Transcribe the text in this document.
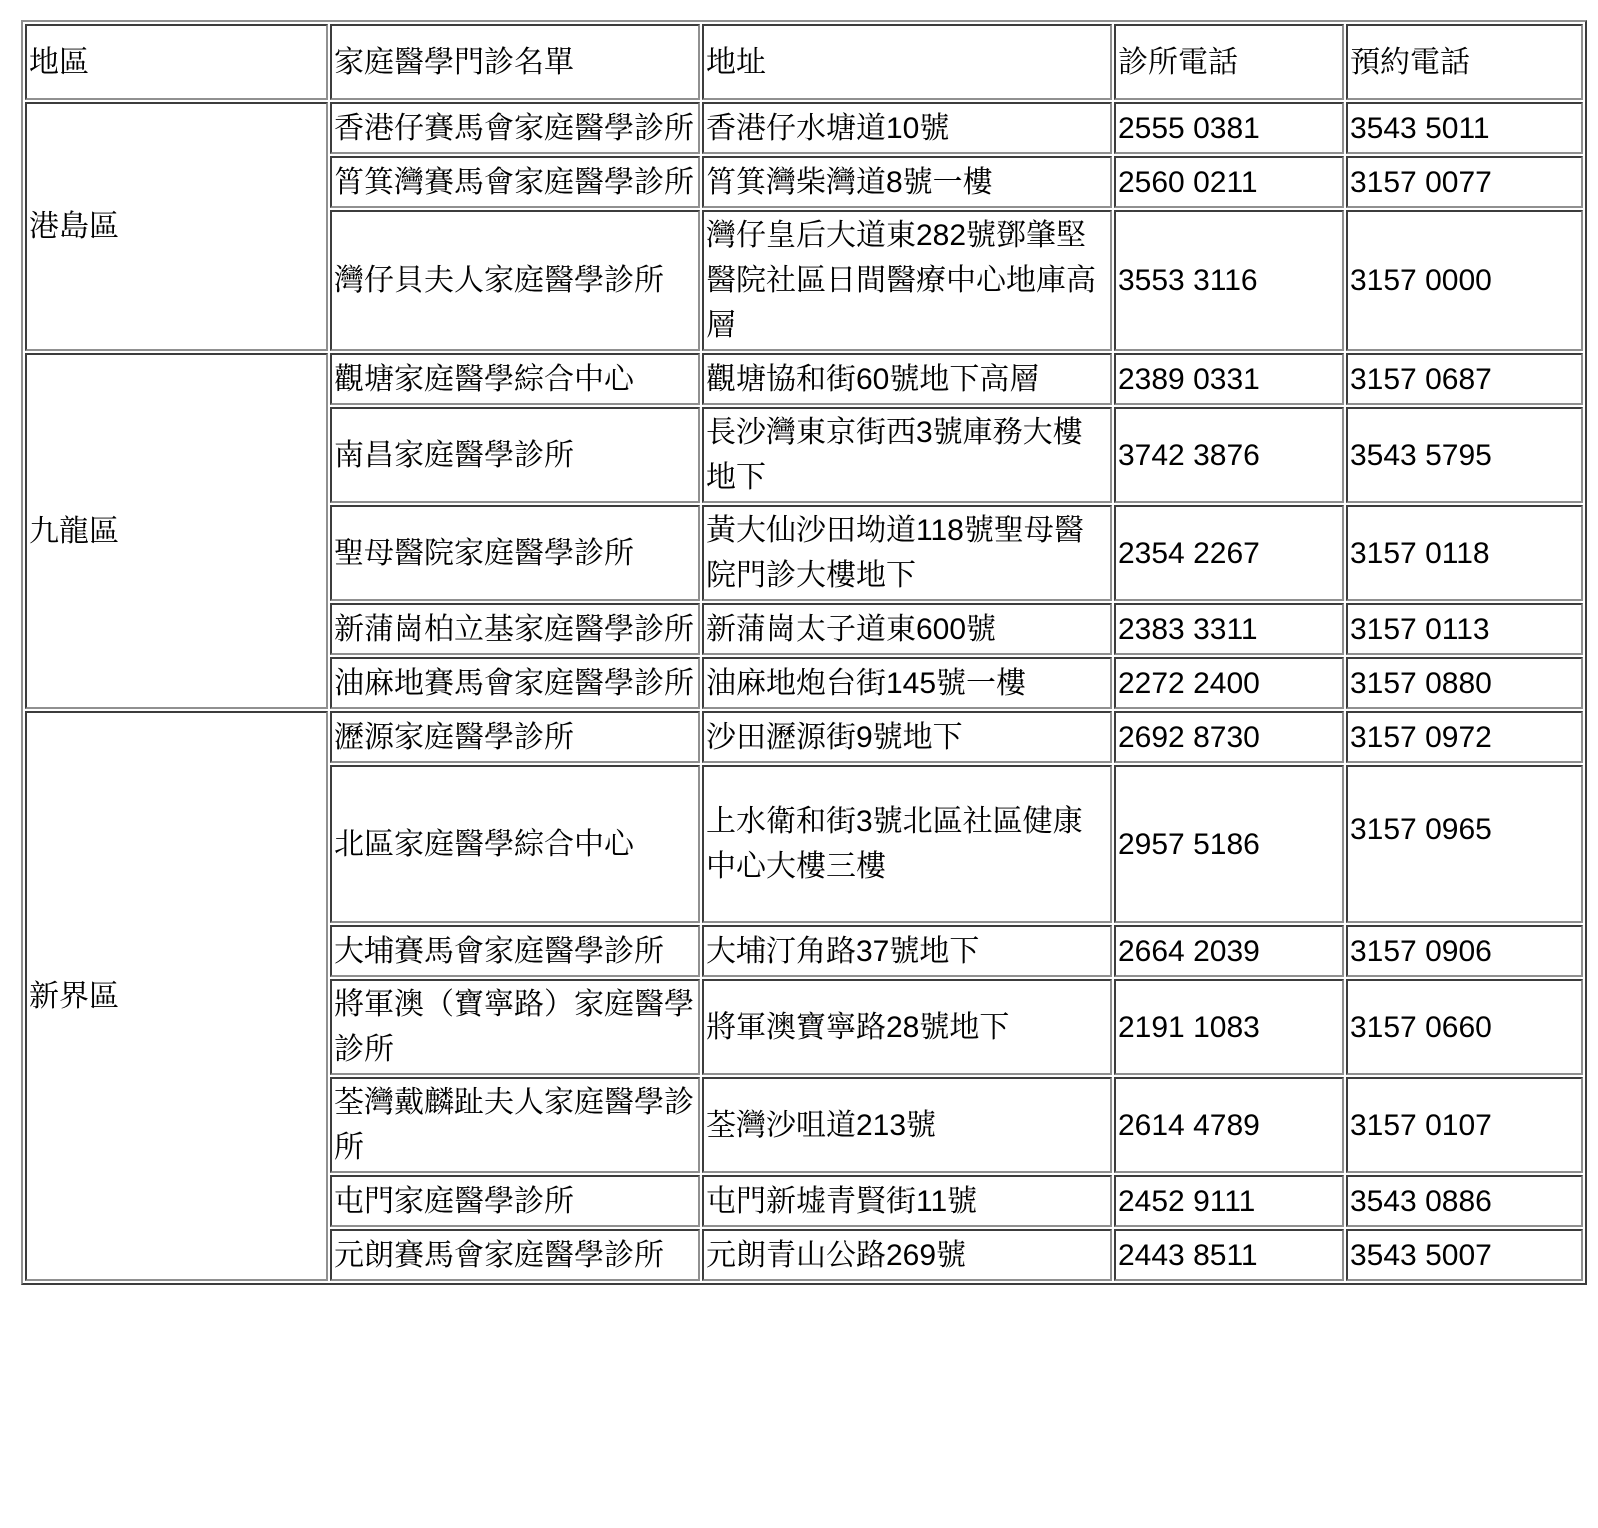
地區	家庭醫學門診名單	地址	診所電話	預約電話
港島區	香港仔賽馬會家庭醫學診所	香港仔水塘道10號	2555 0381	3543 5011
	筲箕灣賽馬會家庭醫學診所	筲箕灣柴灣道8號一樓	2560 0211	3157 0077
	灣仔貝夫人家庭醫學診所	灣仔皇后大道東282號鄧肇堅醫院社區日間醫療中心地庫高層	3553 3116	3157 0000
九龍區	觀塘家庭醫學綜合中心	觀塘協和街60號地下高層	2389 0331	3157 0687
	南昌家庭醫學診所	長沙灣東京街西3號庫務大樓地下	3742 3876	3543 5795
	聖母醫院家庭醫學診所	黃大仙沙田坳道118號聖母醫院門診大樓地下	2354 2267	3157 0118
	新蒲崗柏立基家庭醫學診所	新蒲崗太子道東600號	2383 3311	3157 0113
	油麻地賽馬會家庭醫學診所	油麻地炮台街145號一樓	2272 2400	3157 0880
新界區	瀝源家庭醫學診所	沙田瀝源街9號地下	2692 8730	3157 0972
	北區家庭醫學綜合中心	上水衛和街3號北區社區健康中心大樓三樓	2957 5186	3157 0965
	大埔賽馬會家庭醫學診所	大埔汀角路37號地下	2664 2039	3157 0906
	將軍澳（寶寧路）家庭醫學診所	將軍澳寶寧路28號地下	2191 1083	3157 0660
	荃灣戴麟趾夫人家庭醫學診所	荃灣沙咀道213號	2614 4789	3157 0107
	屯門家庭醫學診所	屯門新墟青賢街11號	2452 9111	3543 0886
	元朗賽馬會家庭醫學診所	元朗青山公路269號	2443 8511	3543 5007
